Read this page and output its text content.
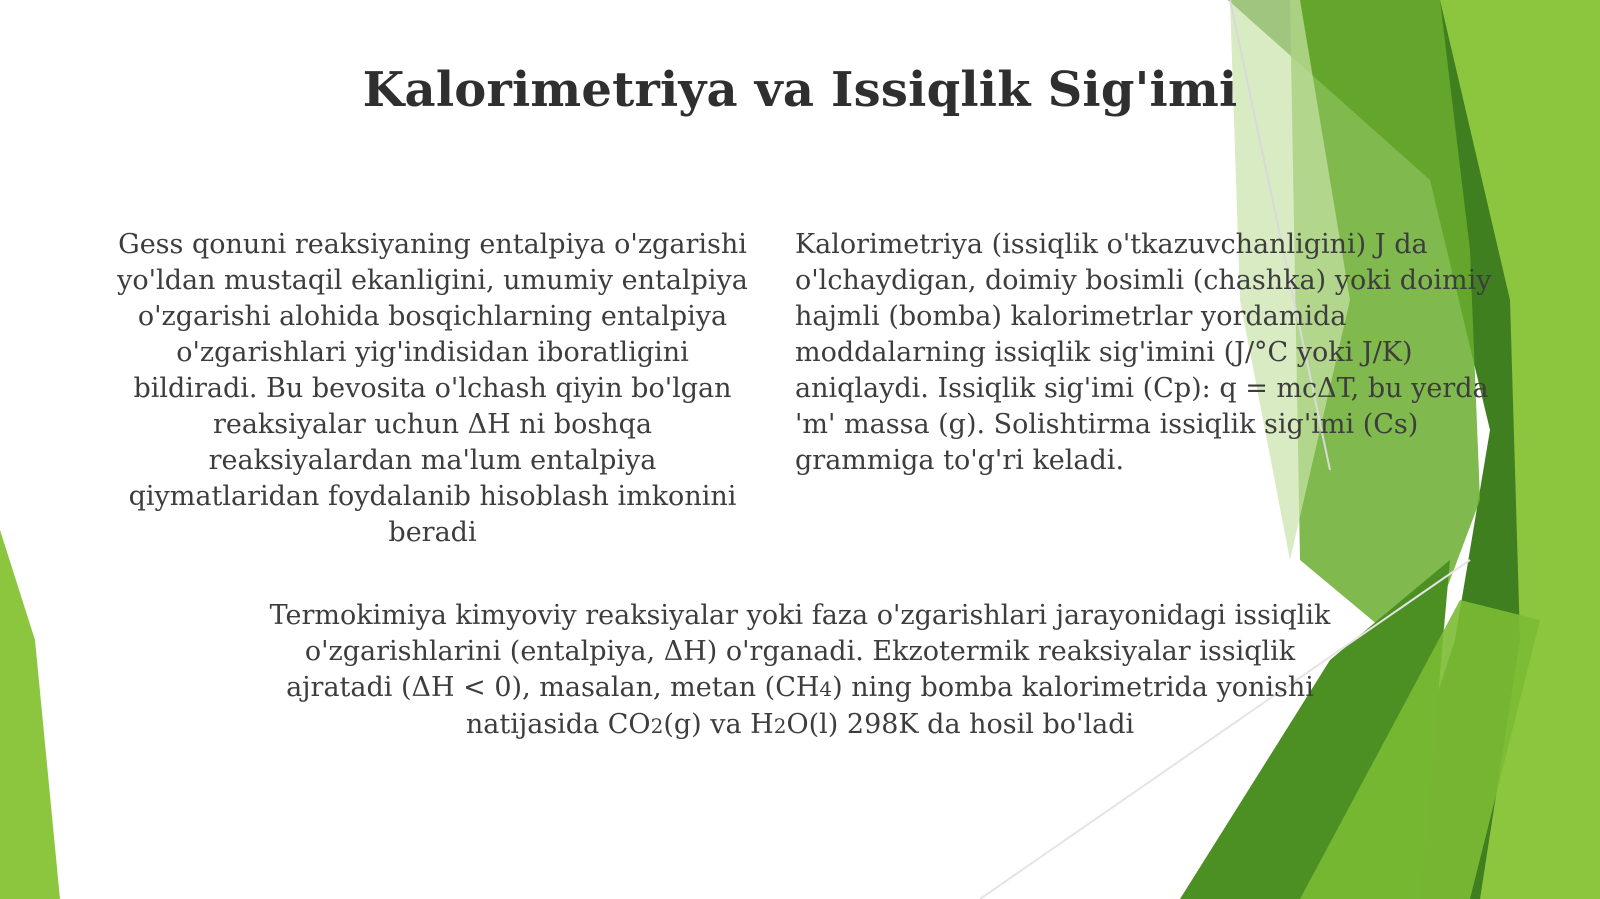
Kalorimetriya va Issiqlik Sig'imi

Gess qonuni reaksiyaning entalpiya o'zgarishi yo'ldan mustaqil ekanligini, umumiy entalpiya o'zgarishi alohida bosqichlarning entalpiya o'zgarishlari yig'indisidan iboratligini bildiradi. Bu bevosita o'lchash qiyin bo'lgan reaksiyalar uchun ΔH ni boshqa reaksiyalardan ma'lum entalpiya qiymatlaridan foydalanib hisoblash imkonini beradi

Kalorimetriya (issiqlik o'tkazuvchanligini) J da o'lchaydigan, doimiy bosimli (chashka) yoki doimiy hajmli (bomba) kalorimetrlar yordamida moddalarning issiqlik sig'imini (J/°C yoki J/K) aniqlaydi. Issiqlik sig'imi (Cp): q = mcΔT, bu yerda 'm' massa (g). Solishtirma issiqlik sig'imi (Cs) grammiga to'g'ri keladi.

Termokimiya kimyoviy reaksiyalar yoki faza o'zgarishlari jarayonidagi issiqlik o'zgarishlarini (entalpiya, ΔH) o'rganadi. Ekzotermik reaksiyalar issiqlik ajratadi (ΔH < 0), masalan, metan (CH4) ning bomba kalorimetrida yonishi natijasida CO2(g) va H2O(l) 298K da hosil bo'ladi
